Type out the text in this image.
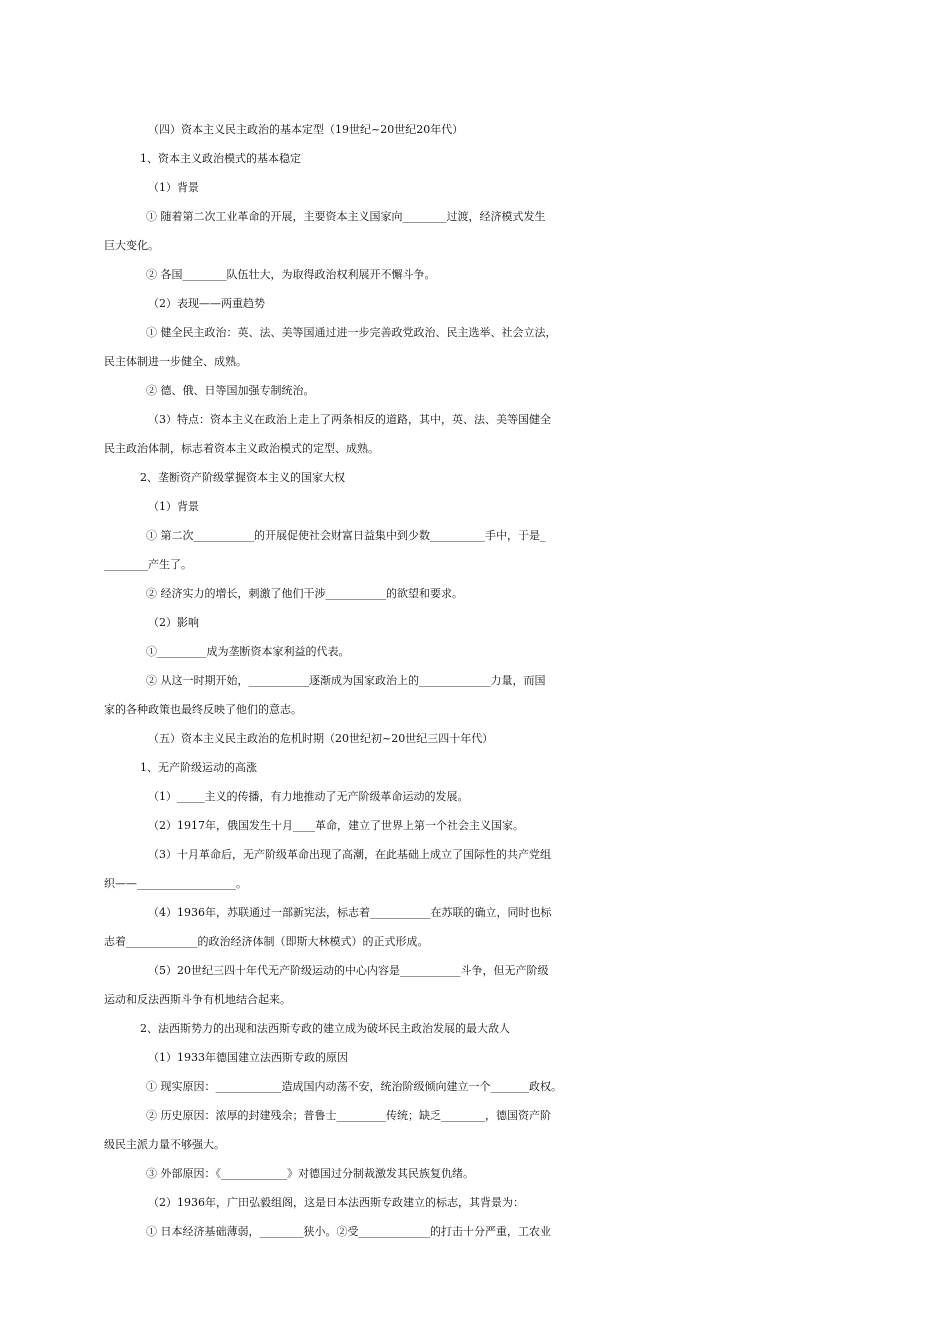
（四）资本主义民主政治的基本定型（19世纪~20世纪20年代）
1、资本主义政治模式的基本稳定
（1）背景
① 随着第二次工业革命的开展，主要资本主义国家向________过渡，经济模式发生
巨大变化。
② 各国________队伍壮大，为取得政治权利展开不懈斗争。
（2）表现——两重趋势
① 健全民主政治：英、法、美等国通过进一步完善政党政治、民主选举、社会立法，
民主体制进一步健全、成熟。
② 德、俄、日等国加强专制统治。
（3）特点：资本主义在政治上走上了两条相反的道路，其中，英、法、美等国健全
民主政治体制，标志着资本主义政治模式的定型、成熟。
2、垄断资产阶级掌握资本主义的国家大权
（1）背景
① 第二次___________的开展促使社会财富日益集中到少数__________手中，于是_
________产生了。
② 经济实力的增长，刺激了他们干涉___________的欲望和要求。
（2）影响
①_________成为垄断资本家利益的代表。
② 从这一时期开始，___________逐渐成为国家政治上的_____________力量，而国
家的各种政策也最终反映了他们的意志。
（五）资本主义民主政治的危机时期（20世纪初~20世纪三四十年代）
1、无产阶级运动的高涨
（1）_____主义的传播，有力地推动了无产阶级革命运动的发展。
（2）1917年，俄国发生十月____革命，建立了世界上第一个社会主义国家。
（3）十月革命后，无产阶级革命出现了高潮，在此基础上成立了国际性的共产党组
织——__________________。
（4）1936年，苏联通过一部新宪法，标志着___________在苏联的确立，同时也标
志着_____________的政治经济体制（即斯大林模式）的正式形成。
（5）20世纪三四十年代无产阶级运动的中心内容是___________斗争，但无产阶级
运动和反法西斯斗争有机地结合起来。
2、法西斯势力的出现和法西斯专政的建立成为破坏民主政治发展的最大敌人
（1）1933年德国建立法西斯专政的原因
① 现实原因：____________造成国内动荡不安，统治阶级倾向建立一个_______政权。
② 历史原因：浓厚的封建残余；普鲁士_________传统；缺乏________，德国资产阶
级民主派力量不够强大。
③ 外部原因：《____________》对德国过分制裁激发其民族复仇绪。
（2）1936年，广田弘毅组阁，这是日本法西斯专政建立的标志，其背景为：
① 日本经济基础薄弱，________狭小。②受_____________的打击十分严重，工农业
